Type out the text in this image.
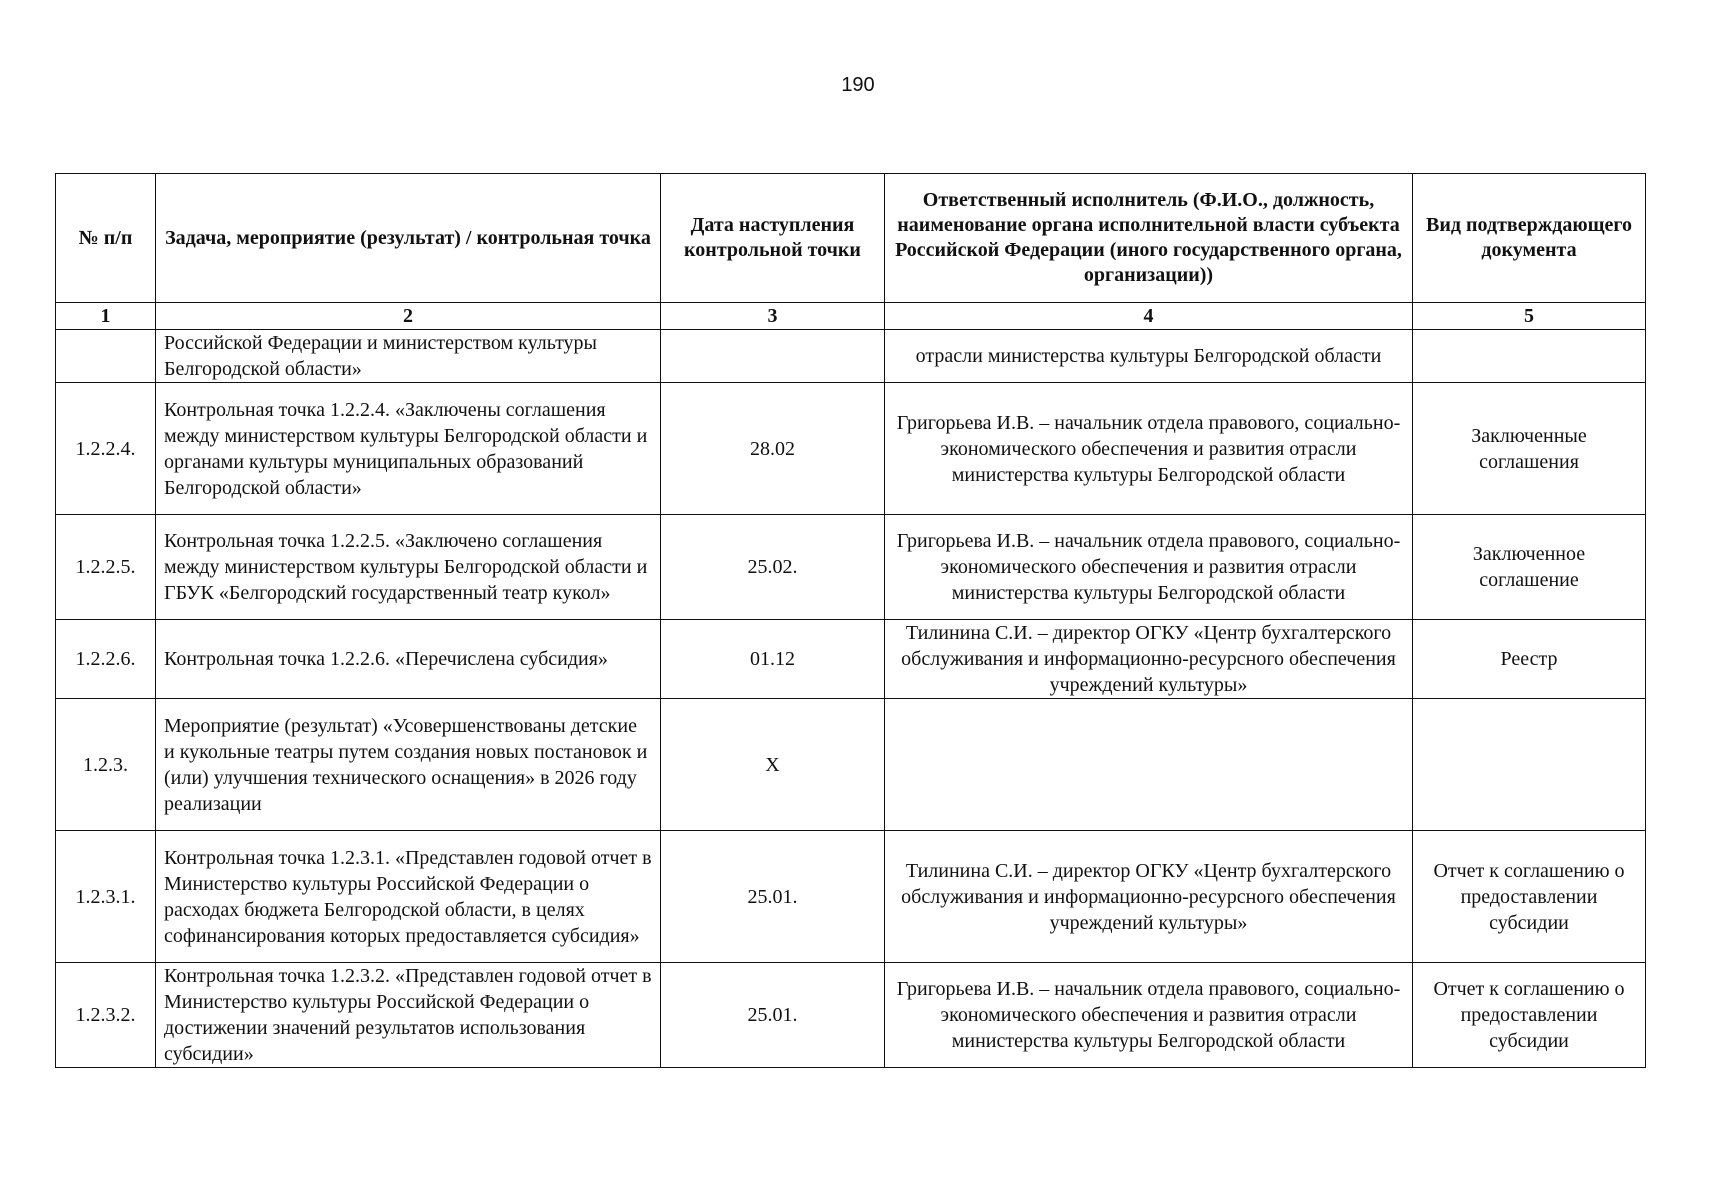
190
№ п/п	Задача, мероприятие (результат) / контрольная точка	Дата наступления контрольной точки	Ответственный исполнитель (Ф.И.О., должность, наименование органа исполнительной власти субъекта Российской Федерации (иного государственного органа, организации))	Вид подтверждающего документа
1	2	3	4	5
	Российской Федерации и министерством культуры Белгородской области»		отрасли министерства культуры Белгородской области	
1.2.2.4.	Контрольная точка 1.2.2.4. «Заключены соглашения между министерством культуры Белгородской области и органами культуры муниципальных образований Белгородской области»	28.02	Григорьева И.В. – начальник отдела правового, социально-экономического обеспечения и развития отрасли министерства культуры Белгородской области	Заключенные соглашения
1.2.2.5.	Контрольная точка 1.2.2.5. «Заключено соглашения между министерством культуры Белгородской области и ГБУК «Белгородский государственный театр кукол»	25.02.	Григорьева И.В. – начальник отдела правового, социально-экономического обеспечения и развития отрасли министерства культуры Белгородской области	Заключенное соглашение
1.2.2.6.	Контрольная точка 1.2.2.6. «Перечислена субсидия»	01.12	Тилинина С.И. – директор ОГКУ «Центр бухгалтерского обслуживания и информационно-ресурсного обеспечения учреждений культуры»	Реестр
1.2.3.	Мероприятие (результат) «Усовершенствованы детские и кукольные театры путем создания новых постановок и (или) улучшения технического оснащения» в 2026 году реализации	Х		
1.2.3.1.	Контрольная точка 1.2.3.1. «Представлен годовой отчет в Министерство культуры Российской Федерации о расходах бюджета Белгородской области, в целях софинансирования которых предоставляется субсидия»	25.01.	Тилинина С.И. – директор ОГКУ «Центр бухгалтерского обслуживания и информационно-ресурсного обеспечения учреждений культуры»	Отчет к соглашению о предоставлении субсидии
1.2.3.2.	Контрольная точка 1.2.3.2. «Представлен годовой отчет в Министерство культуры Российской Федерации о достижении значений результатов использования субсидии»	25.01.	Григорьева И.В. – начальник отдела правового, социально-экономического обеспечения и развития отрасли министерства культуры Белгородской области	Отчет к соглашению о предоставлении субсидии
